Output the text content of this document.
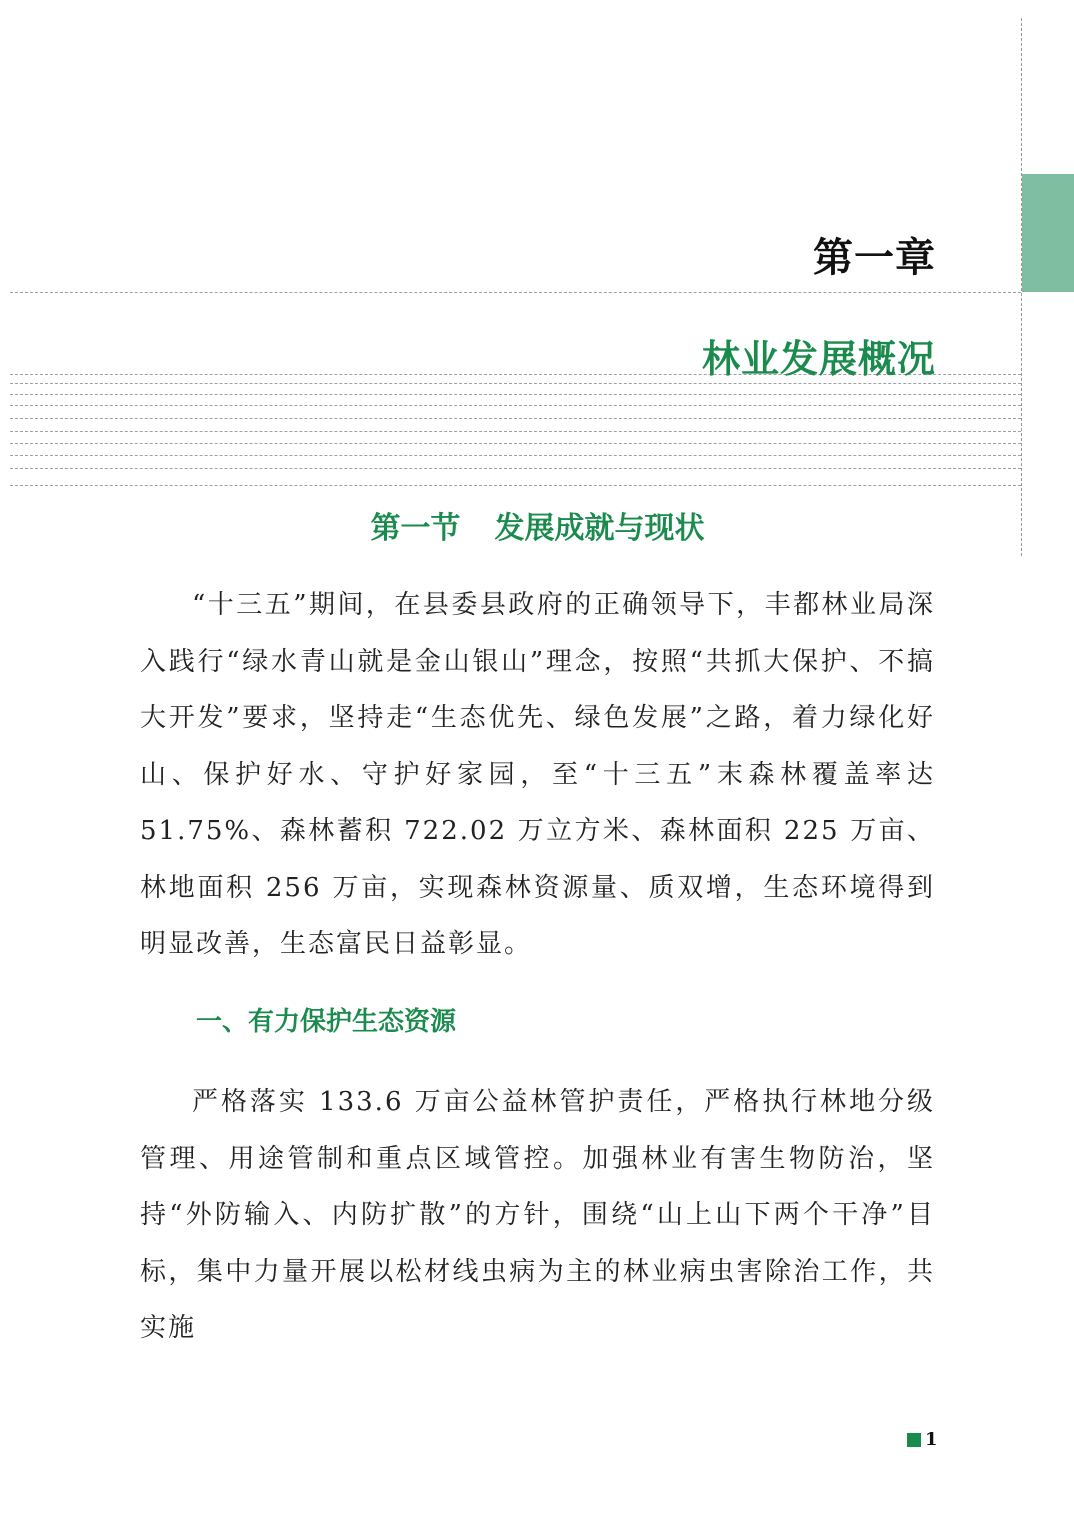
第一章
林业发展概况
第一节 发展成就与现状

“十三五”期间，在县委县政府的正确领导下，丰都林业局深入践行“绿水青山就是金山银山”理念，按照“共抓大保护、不搞大开发”要求，坚持走“生态优先、绿色发展”之路，着力绿化好山、保护好水、守护好家园，至“十三五”末森林覆盖率达 51.75%、森林蓄积 722.02 万立方米、森林面积 225 万亩、林地面积 256 万亩，实现森林资源量、质双增，生态环境得到明显改善，生态富民日益彰显。

一、有力保护生态资源

严格落实 133.6 万亩公益林管护责任，严格执行林地分级管理、用途管制和重点区域管控。加强林业有害生物防治，坚持“外防输入、内防扩散”的方针，围绕“山上山下两个干净”目标，集中力量开展以松材线虫病为主的林业病虫害除治工作，共实施

1
